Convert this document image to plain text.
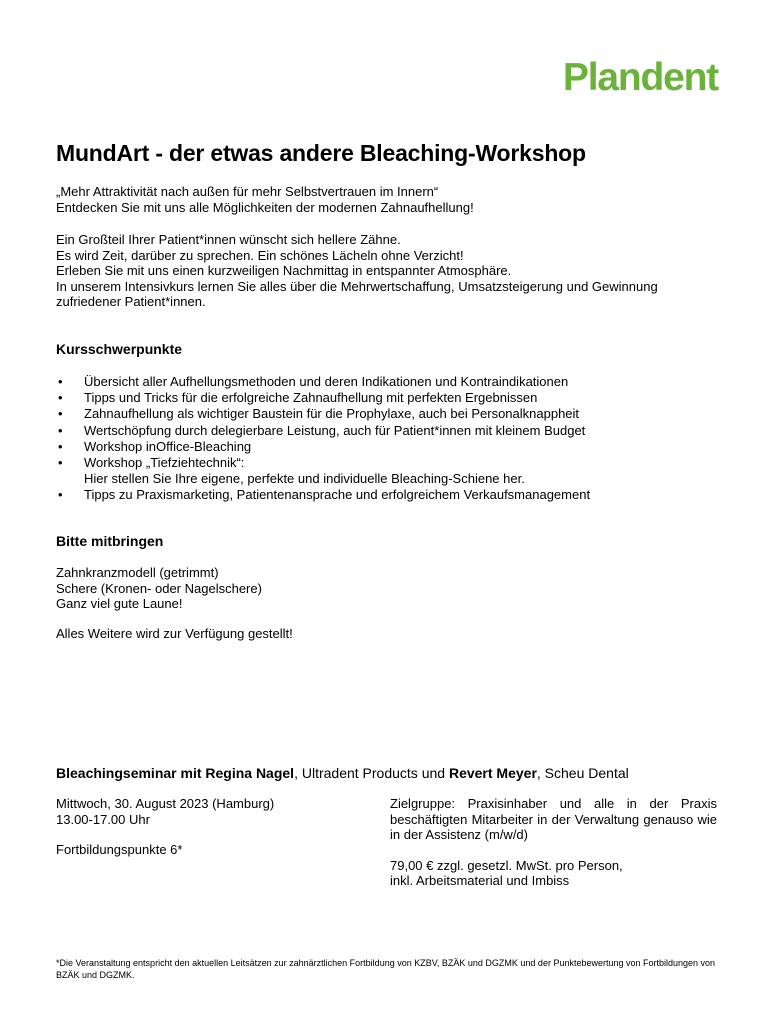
Plandent
MundArt - der etwas andere Bleaching-Workshop

„Mehr Attraktivität nach außen für mehr Selbstvertrauen im Innern“

Entdecken Sie mit uns alle Möglichkeiten der modernen Zahnaufhellung!

Ein Großteil Ihrer Patient*innen wünscht sich hellere Zähne.

Es wird Zeit, darüber zu sprechen. Ein schönes Lächeln ohne Verzicht!

Erleben Sie mit uns einen kurzweiligen Nachmittag in entspannter Atmosphäre.

In unserem Intensivkurs lernen Sie alles über die Mehrwertschaffung, Umsatzsteigerung und Gewinnung zufriedener Patient*innen.

Kursschwerpunkte
• Übersicht aller Aufhellungsmethoden und deren Indikationen und Kontraindikationen
• Tipps und Tricks für die erfolgreiche Zahnaufhellung mit perfekten Ergebnissen
• Zahnaufhellung als wichtiger Baustein für die Prophylaxe, auch bei Personalknappheit
• Wertschöpfung durch delegierbare Leistung, auch für Patient*innen mit kleinem Budget
• Workshop inOffice-Bleaching
• Workshop „Tiefziehtechnik“:
Hier stellen Sie Ihre eigene, perfekte und individuelle Bleaching-Schiene her.
• Tipps zu Praxismarketing, Patientenansprache und erfolgreichem Verkaufsmanagement
Bitte mitbringen

Zahnkranzmodell (getrimmt)

Schere (Kronen- oder Nagelschere)

Ganz viel gute Laune!

Alles Weitere wird zur Verfügung gestellt!

Bleachingseminar mit Regina Nagel, Ultradent Products und Revert Meyer, Scheu Dental

Mittwoch, 30. August 2023 (Hamburg)

13.00-17.00 Uhr

Fortbildungspunkte 6*

Zielgruppe: Praxisinhaber und alle in der Praxis beschäftigten Mitarbeiter in der Verwaltung genauso wie in der Assistenz (m/w/d)

79,00 € zzgl. gesetzl. MwSt. pro Person,

inkl. Arbeitsmaterial und Imbiss

*Die Veranstaltung entspricht den aktuellen Leitsätzen zur zahnärztlichen Fortbildung von KZBV, BZÄK und DGZMK und der Punktebewertung von Fortbildungen von BZÄK und DGZMK.
